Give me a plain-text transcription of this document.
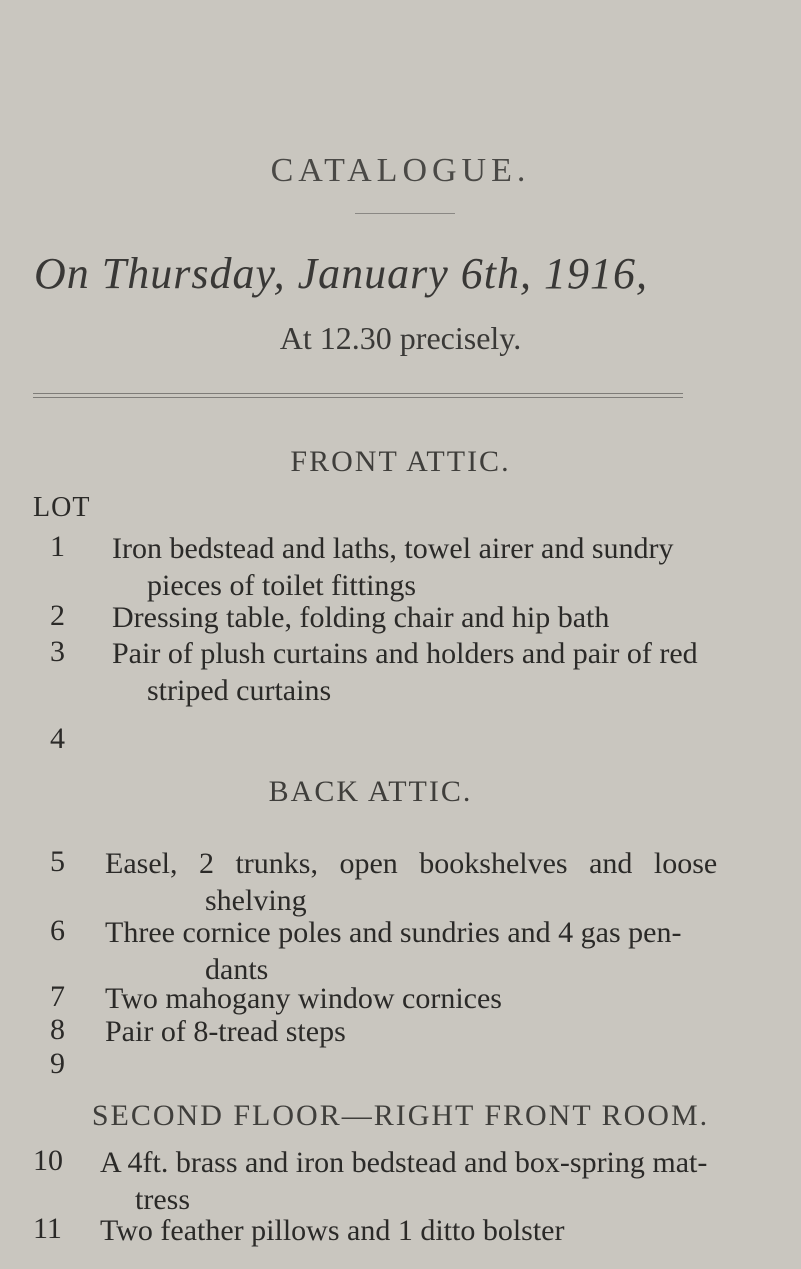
CATALOGUE.
On Thursday, January 6th, 1916,
At 12.30 precisely.
FRONT ATTIC.
LOT
1	Iron bedstead and laths, towel airer and sundry
pieces of toilet fittings
2	Dressing table, folding chair and hip bath
3	Pair of plush curtains and holders and pair of red
striped curtains
4
BACK ATTIC.
5	Easel, 2 trunks, open bookshelves and loose
shelving
6	Three cornice poles and sundries and 4 gas pen-
dants
7	Two mahogany window cornices
8	Pair of 8-tread steps
9
SECOND FLOOR—RIGHT FRONT ROOM.
10	A 4ft. brass and iron bedstead and box-spring mat-
tress
11	Two feather pillows and 1 ditto bolster
